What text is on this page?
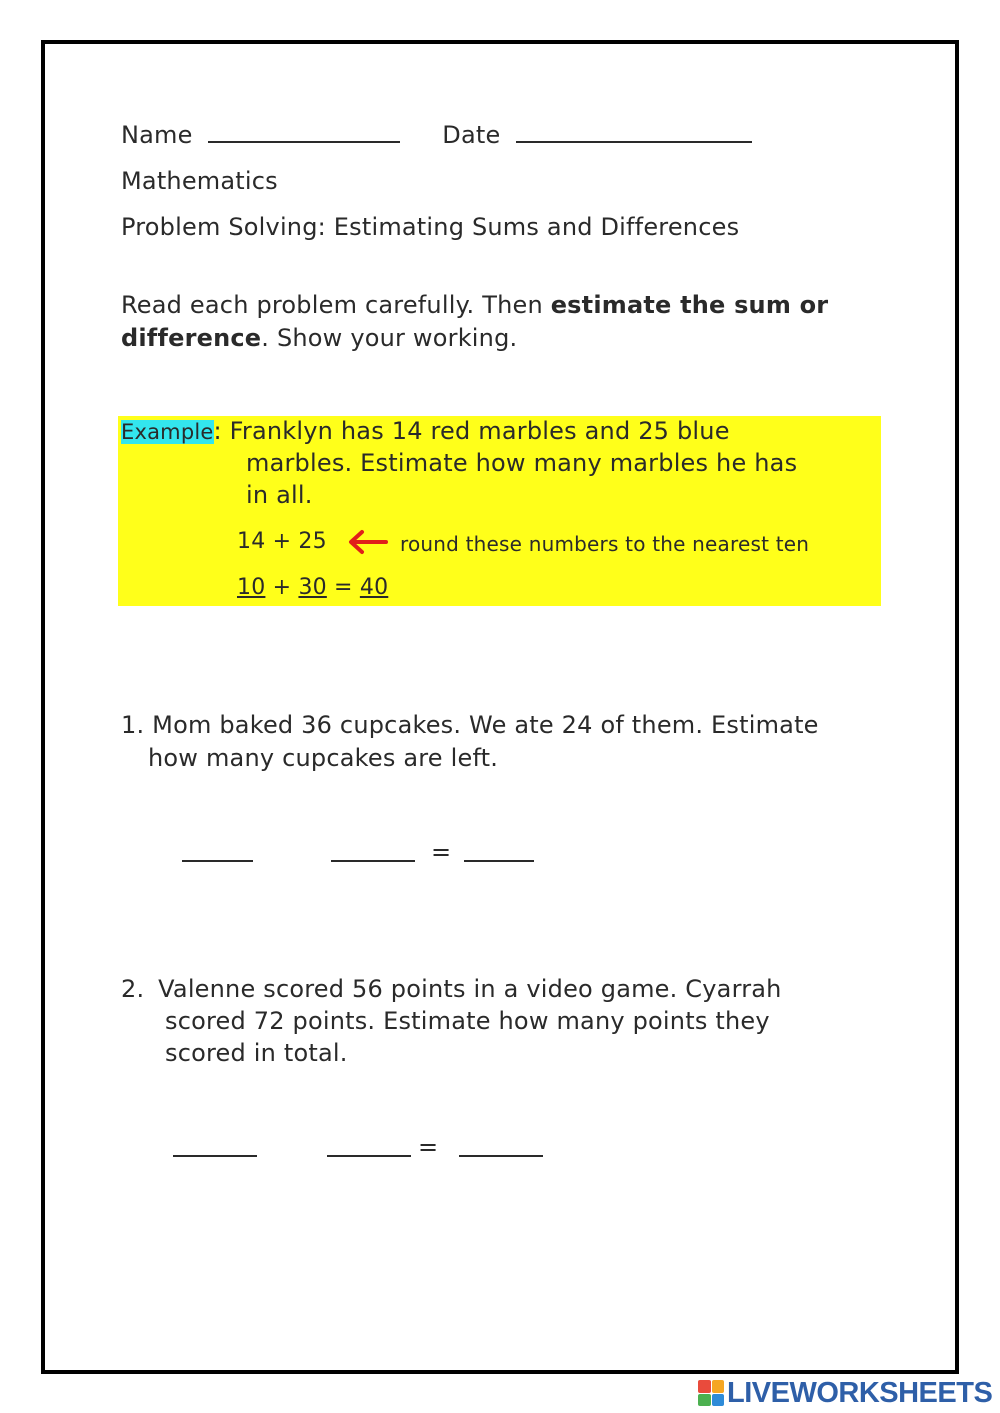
Name	Date
Mathematics
Problem Solving: Estimating Sums and Differences
Read each problem carefully. Then estimate the sum or
difference. Show your working.
Example: Franklyn has 14 red marbles and 25 blue
marbles. Estimate how many marbles he has
in all.
14 + 25	round these numbers to the nearest ten
10 + 30 = 40
1. Mom baked 36 cupcakes. We ate 24 of them. Estimate
how many cupcakes are left.
=
2. Valenne scored 56 points in a video game. Cyarrah
scored 72 points. Estimate how many points they
scored in total.
=
LIVEWORKSHEETS
